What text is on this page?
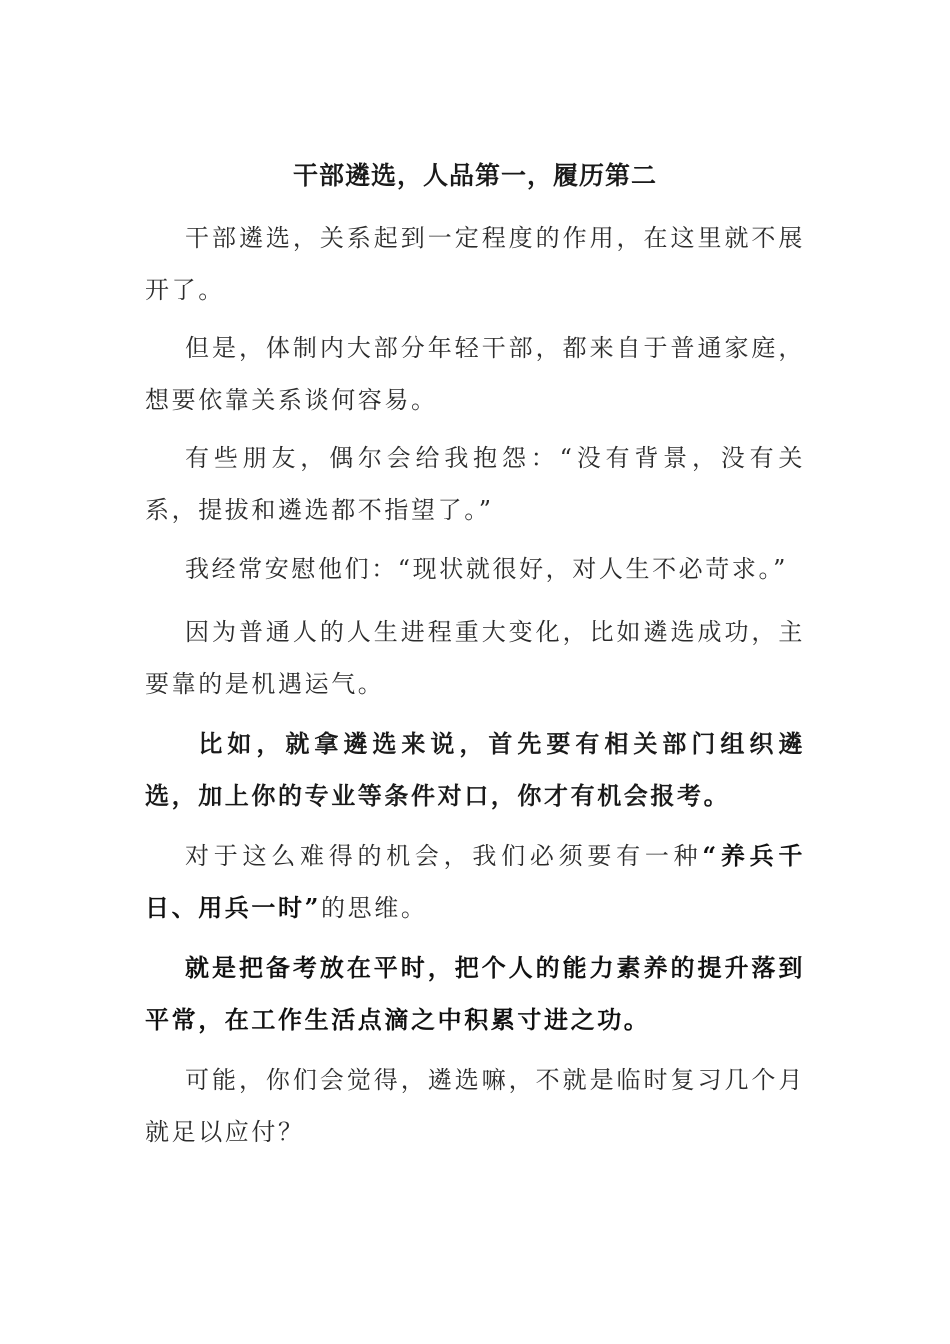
干部遴选，人品第一，履历第二

干部遴选，关系起到一定程度的作用，在这里就不展开了。

但是，体制内大部分年轻干部，都来自于普通家庭，想要依靠关系谈何容易。

有些朋友，偶尔会给我抱怨：“没有背景，没有关系，提拔和遴选都不指望了。”

我经常安慰他们：“现状就很好，对人生不必苛求。”

因为普通人的人生进程重大变化，比如遴选成功，主要靠的是机遇运气。

比如，就拿遴选来说，首先要有相关部门组织遴选，加上你的专业等条件对口，你才有机会报考。

对于这么难得的机会，我们必须要有一种“养兵千日、用兵一时”的思维。

就是把备考放在平时，把个人的能力素养的提升落到平常，在工作生活点滴之中积累寸进之功。

可能，你们会觉得，遴选嘛，不就是临时复习几个月就足以应付？
